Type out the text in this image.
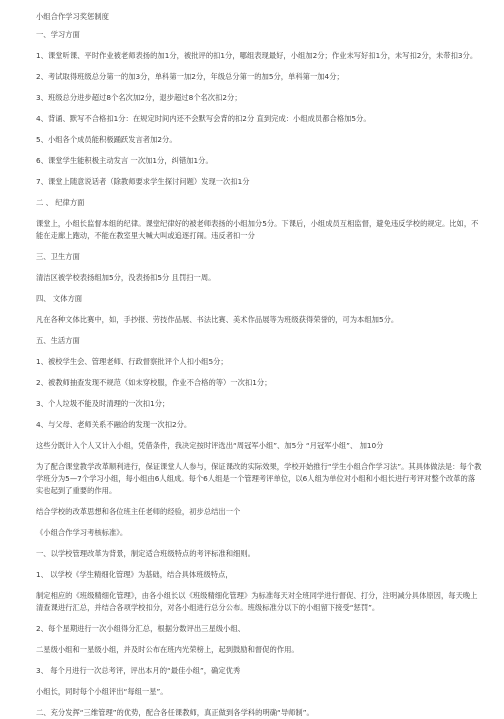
小组合作学习奖惩制度

一、学习方面

1、课堂听课、平时作业被老师表扬的加1分，被批评的扣1分，哪组表现最好，小组加2分；作业未写好扣1分，未写扣2分，未带扣3分。

2、考试取得班级总分第一的加3分，单科第一加2分，年级总分第一的加5分，单科第一加4分；

3、班级总分进步超过8个名次加2分，退步超过8个名次扣2分；

4、背诵、默写不合格扣1分：在规定时间内还不会默写会背的扣2分 直到完成：小组成员都合格加5分。

5、小组各个成员能积极踊跃发言者加2分。

6、课堂学生能积极主动发言 一次加1分，纠错加1分。

7、课堂上随意说话者（除教师要求学生探讨问题）发现一次扣1分

二 、 纪律方面

课堂上，小组长监督本组的纪律。课堂纪律好的被老师表扬的小组加分5分。下课后，小组成员互相监督，避免违反学校的规定。比如，不能在走廊上跑动，不能在教室里大喊大叫或追逐打闹。违反者扣一分

三、卫生方面

清洁区被学校表扬组加5分，没表扬扣5分 且罚扫一周。

四、 文体方面

凡在各种文体比赛中，如，手抄报、劳技作品展、书法比赛、美术作品展等为班级获得荣誉的，可为本组加5分。

五、生活方面

1、被校学生会、管理老师、行政督察批评个人扣小组5分；

2、被教师抽查发现不规范（如未穿校服，作业不合格的等）一次扣1分；

3、个人垃圾不能及时清理的一次扣1分；

4、与父母、老师关系不融洽的发现一次扣2分。

这些分既计入个人又计入小组，凭借条件，我决定按时评选出“周冠军小组”、加5分 “月冠军小组”、 加10分

为了配合课堂教学改革顺利进行，保证课堂人人参与，保证课改的实际效果，学校开始推行“学生小组合作学习法”。其具体做法是：每个教学班分为5—7个学习小组，每小组由6人组成。每个6人组是一个管理考评单位，以6人组为单位对小组和小组长进行考评对整个改革的落实也起到了重要的作用。

结合学校的改革思想和各位班主任老师的经验，初步总结出一个

《小组合作学习考核标准》。

一、以学校管理改革为背景，制定适合班级特点的考评标准和细则。

1、 以学校《学生精细化管理》为基础，结合具体班级特点，

制定相应的《班级精细化管理》，由各小组长以《班级精细化管理》为标准每天对全班同学进行督促、打分，注明减分具体原因，每天晚上清查课进行汇总，并结合各项学校扣分，对各小组进行总分公布。班级标准分以下的小组留下接受“惩罚”。

2、每个星期进行一次小组得分汇总，根据分数评出三星级小组、

二星级小组和一星级小组，并及时公布在班内光荣榜上，起到鼓励和督促的作用。

3、 每个月进行一次总考评，评出本月的“最佳小组”，确定优秀

小组长，同时每个小组评出“每组一星”。

二、充分发挥“三维管理”的优势，配合各任课教师，真正做到各学科的明确“导师制”。
